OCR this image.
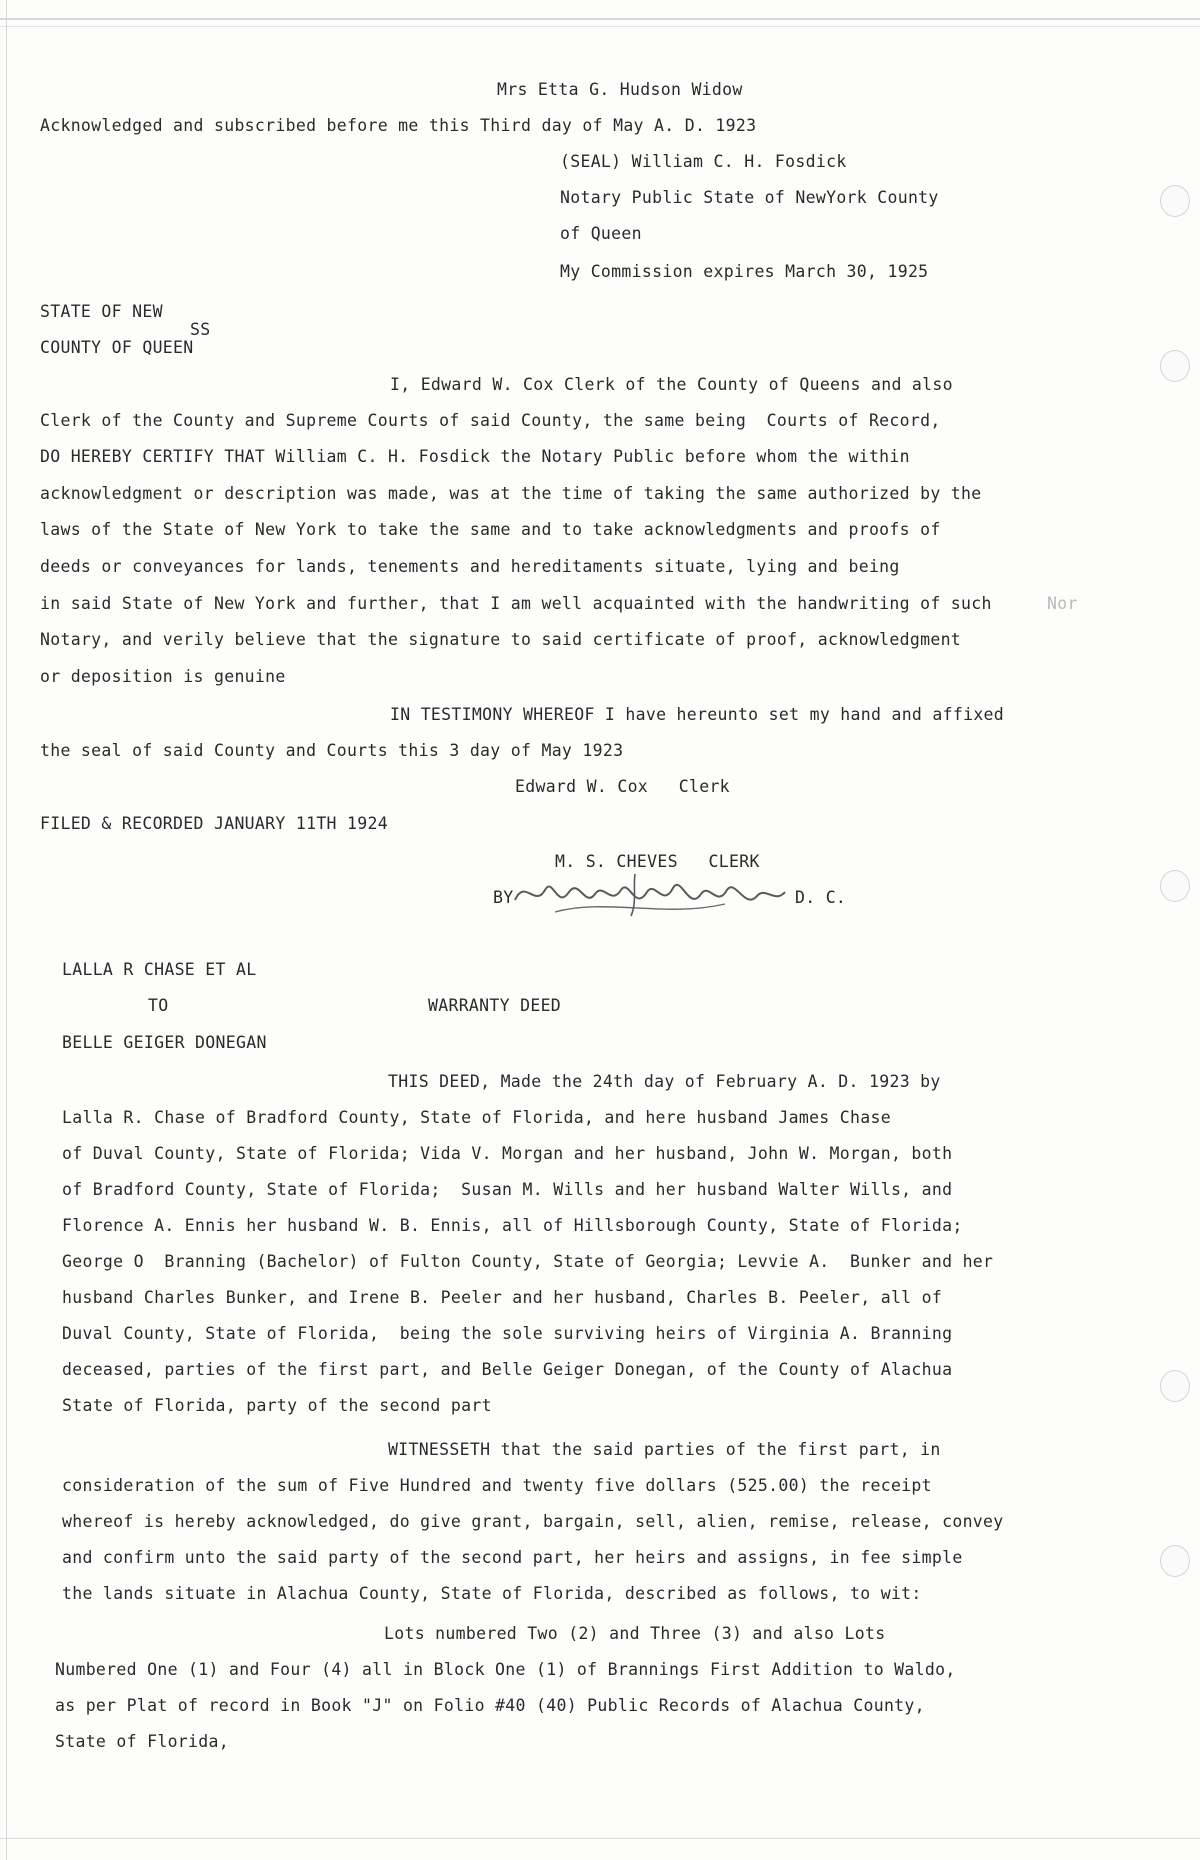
Mrs Etta G. Hudson Widow
Acknowledged and subscribed before me this Third day of May A. D. 1923
(SEAL) William C. H. Fosdick
Notary Public State of NewYork County
of Queen
My Commission expires March 30, 1925
STATE OF NEW
SS
COUNTY OF QUEEN
I, Edward W. Cox Clerk of the County of Queens and also
Clerk of the County and Supreme Courts of said County, the same being  Courts of Record,
DO HEREBY CERTIFY THAT William C. H. Fosdick the Notary Public before whom the within
acknowledgment or description was made, was at the time of taking the same authorized by the
laws of the State of New York to take the same and to take acknowledgments and proofs of
deeds or conveyances for lands, tenements and hereditaments situate, lying and being
in said State of New York and further, that I am well acquainted with the handwriting of such	Nor
Notary, and verily believe that the signature to said certificate of proof, acknowledgment
or deposition is genuine
IN TESTIMONY WHEREOF I have hereunto set my hand and affixed
the seal of said County and Courts this 3 day of May 1923
Edward W. Cox   Clerk
FILED & RECORDED JANUARY 11TH 1924
M. S. CHEVES   CLERK
BY	D. C.
LALLA R CHASE ET AL
TO	WARRANTY DEED
BELLE GEIGER DONEGAN
THIS DEED, Made the 24th day of February A. D. 1923 by
Lalla R. Chase of Bradford County, State of Florida, and here husband James Chase
of Duval County, State of Florida; Vida V. Morgan and her husband, John W. Morgan, both
of Bradford County, State of Florida;  Susan M. Wills and her husband Walter Wills, and
Florence A. Ennis her husband W. B. Ennis, all of Hillsborough County, State of Florida;
George O  Branning (Bachelor) of Fulton County, State of Georgia; Levvie A.  Bunker and her
husband Charles Bunker, and Irene B. Peeler and her husband, Charles B. Peeler, all of
Duval County, State of Florida,  being the sole surviving heirs of Virginia A. Branning
deceased, parties of the first part, and Belle Geiger Donegan, of the County of Alachua
State of Florida, party of the second part
WITNESSETH that the said parties of the first part, in
consideration of the sum of Five Hundred and twenty five dollars (525.00) the receipt
whereof is hereby acknowledged, do give grant, bargain, sell, alien, remise, release, convey
and confirm unto the said party of the second part, her heirs and assigns, in fee simple
the lands situate in Alachua County, State of Florida, described as follows, to wit:
Lots numbered Two (2) and Three (3) and also Lots
Numbered One (1) and Four (4) all in Block One (1) of Brannings First Addition to Waldo,
as per Plat of record in Book "J" on Folio #40 (40) Public Records of Alachua County,
State of Florida,
